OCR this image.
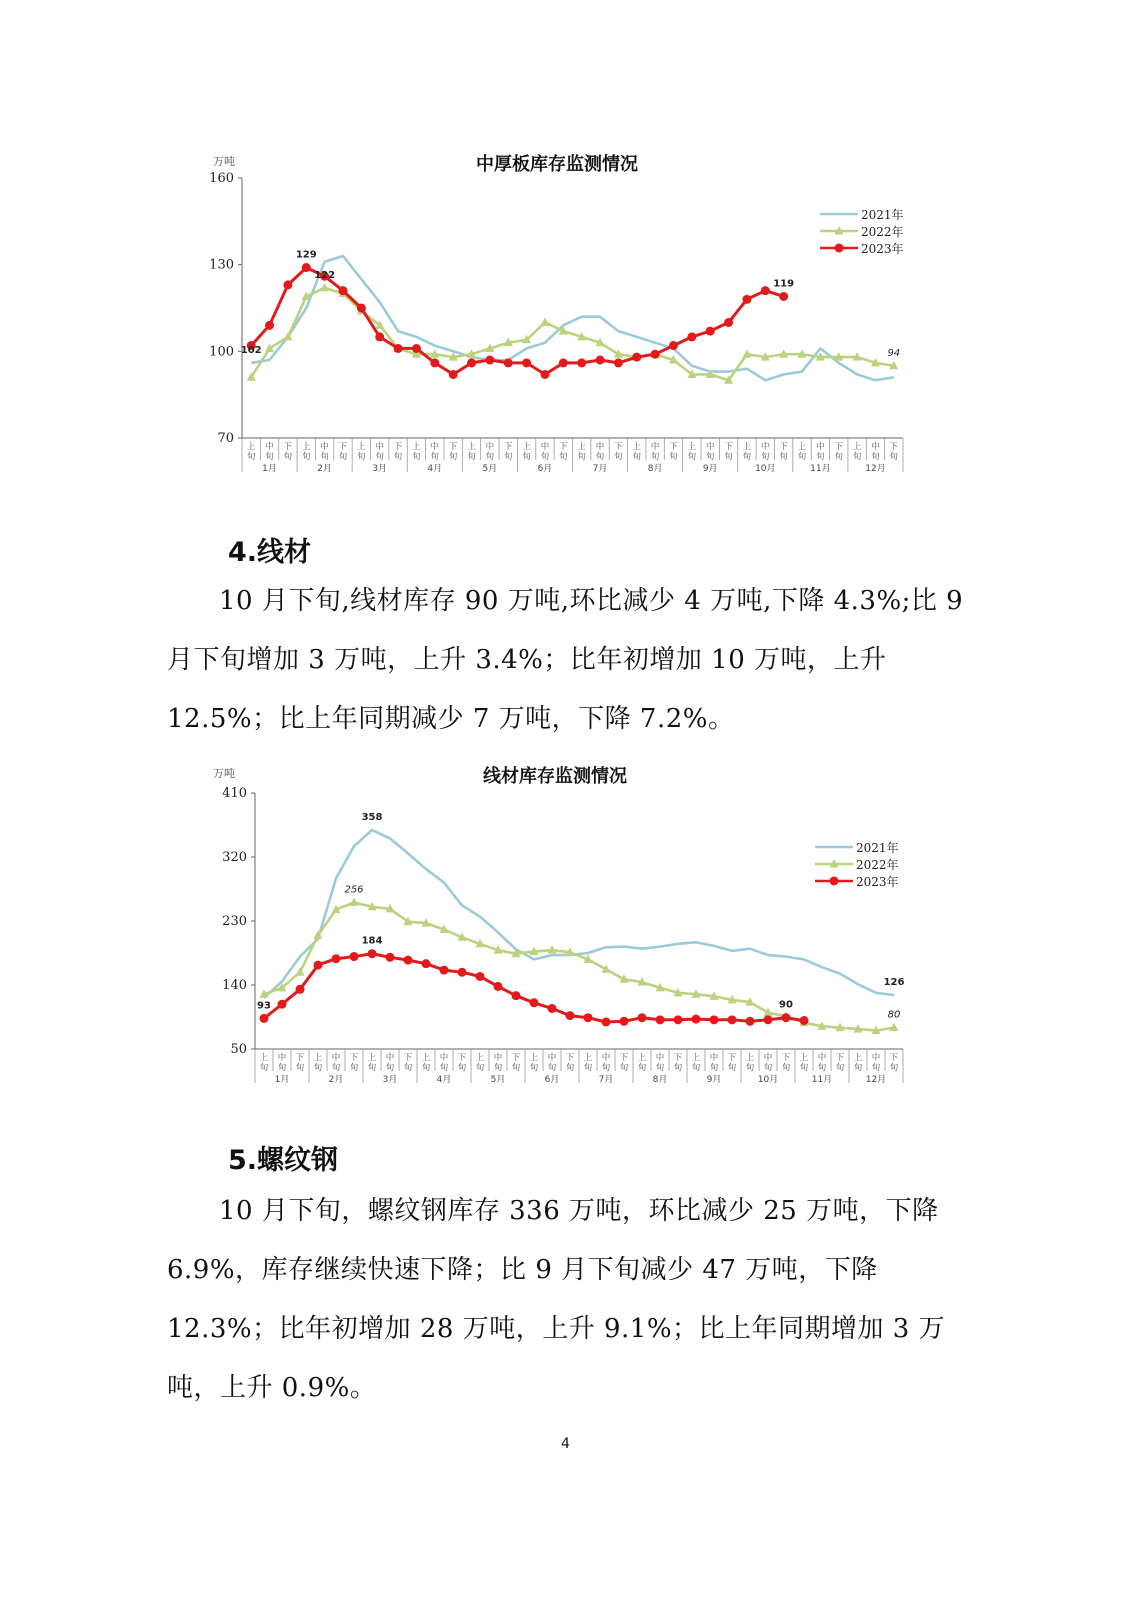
中厚板库存监测情况
万吨
70
100
130
160
上
旬
中
旬
下
旬
上
旬
中
旬
下
旬
上
旬
中
旬
下
旬
上
旬
中
旬
下
旬
上
旬
中
旬
下
旬
上
旬
中
旬
下
旬
上
旬
中
旬
下
旬
上
旬
中
旬
下
旬
上
旬
中
旬
下
旬
上
旬
中
旬
下
旬
上
旬
中
旬
下
旬
上
旬
中
旬
下
旬
1月	2月	3月	4月	5月	6月	7月	8月	9月	10月	11月	12月
102
129
122
119
94
2021年
2022年
2023年
4.线材

10 月下旬,线材库存 90 万吨,环比减少 4 万吨,下降 4.3%;比 9 月下旬增加 3 万吨，上升 3.4%；比年初增加 10 万吨，上升 12.5%；比上年同期减少 7 万吨，下降 7.2%。

线材库存监测情况
万吨
50
140
230
320
410
上
旬
中
旬
下
旬
上
旬
中
旬
下
旬
上
旬
中
旬
下
旬
上
旬
中
旬
下
旬
上
旬
中
旬
下
旬
上
旬
中
旬
下
旬
上
旬
中
旬
下
旬
上
旬
中
旬
下
旬
上
旬
中
旬
下
旬
上
旬
中
旬
下
旬
上
旬
中
旬
下
旬
上
旬
中
旬
下
旬
1月	2月	3月	4月	5月	6月	7月	8月	9月	10月	11月	12月
93
358
256
184
90
126
80
2021年
2022年
2023年
5.螺纹钢

10 月下旬，螺纹钢库存 336 万吨，环比减少 25 万吨，下降 6.9%，库存继续快速下降；比 9 月下旬减少 47 万吨，下降 12.3%；比年初增加 28 万吨，上升 9.1%；比上年同期增加 3 万吨，上升 0.9%。

4
